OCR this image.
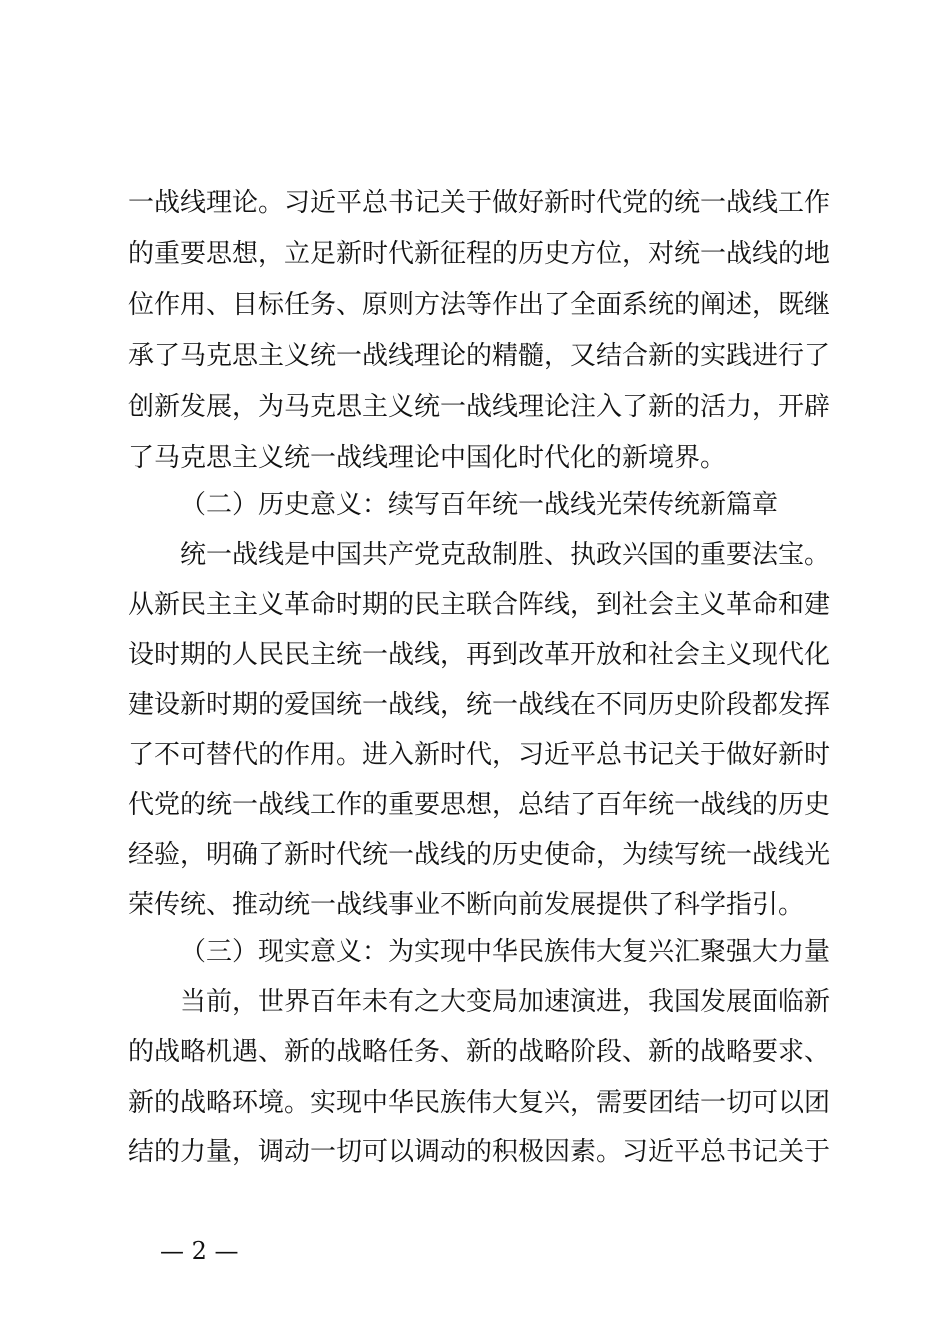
一战线理论。习近平总书记关于做好新时代党的统一战线工作
的重要思想，立足新时代新征程的历史方位，对统一战线的地
位作用、目标任务、原则方法等作出了全面系统的阐述，既继
承了马克思主义统一战线理论的精髓，又结合新的实践进行了
创新发展，为马克思主义统一战线理论注入了新的活力，开辟
了马克思主义统一战线理论中国化时代化的新境界。
（二）历史意义：续写百年统一战线光荣传统新篇章
统一战线是中国共产党克敌制胜、执政兴国的重要法宝。
从新民主主义革命时期的民主联合阵线，到社会主义革命和建
设时期的人民民主统一战线，再到改革开放和社会主义现代化
建设新时期的爱国统一战线，统一战线在不同历史阶段都发挥
了不可替代的作用。进入新时代，习近平总书记关于做好新时
代党的统一战线工作的重要思想，总结了百年统一战线的历史
经验，明确了新时代统一战线的历史使命，为续写统一战线光
荣传统、推动统一战线事业不断向前发展提供了科学指引。
（三）现实意义：为实现中华民族伟大复兴汇聚强大力量
当前，世界百年未有之大变局加速演进，我国发展面临新
的战略机遇、新的战略任务、新的战略阶段、新的战略要求、
新的战略环境。实现中华民族伟大复兴，需要团结一切可以团
结的力量，调动一切可以调动的积极因素。习近平总书记关于
— 2 —
